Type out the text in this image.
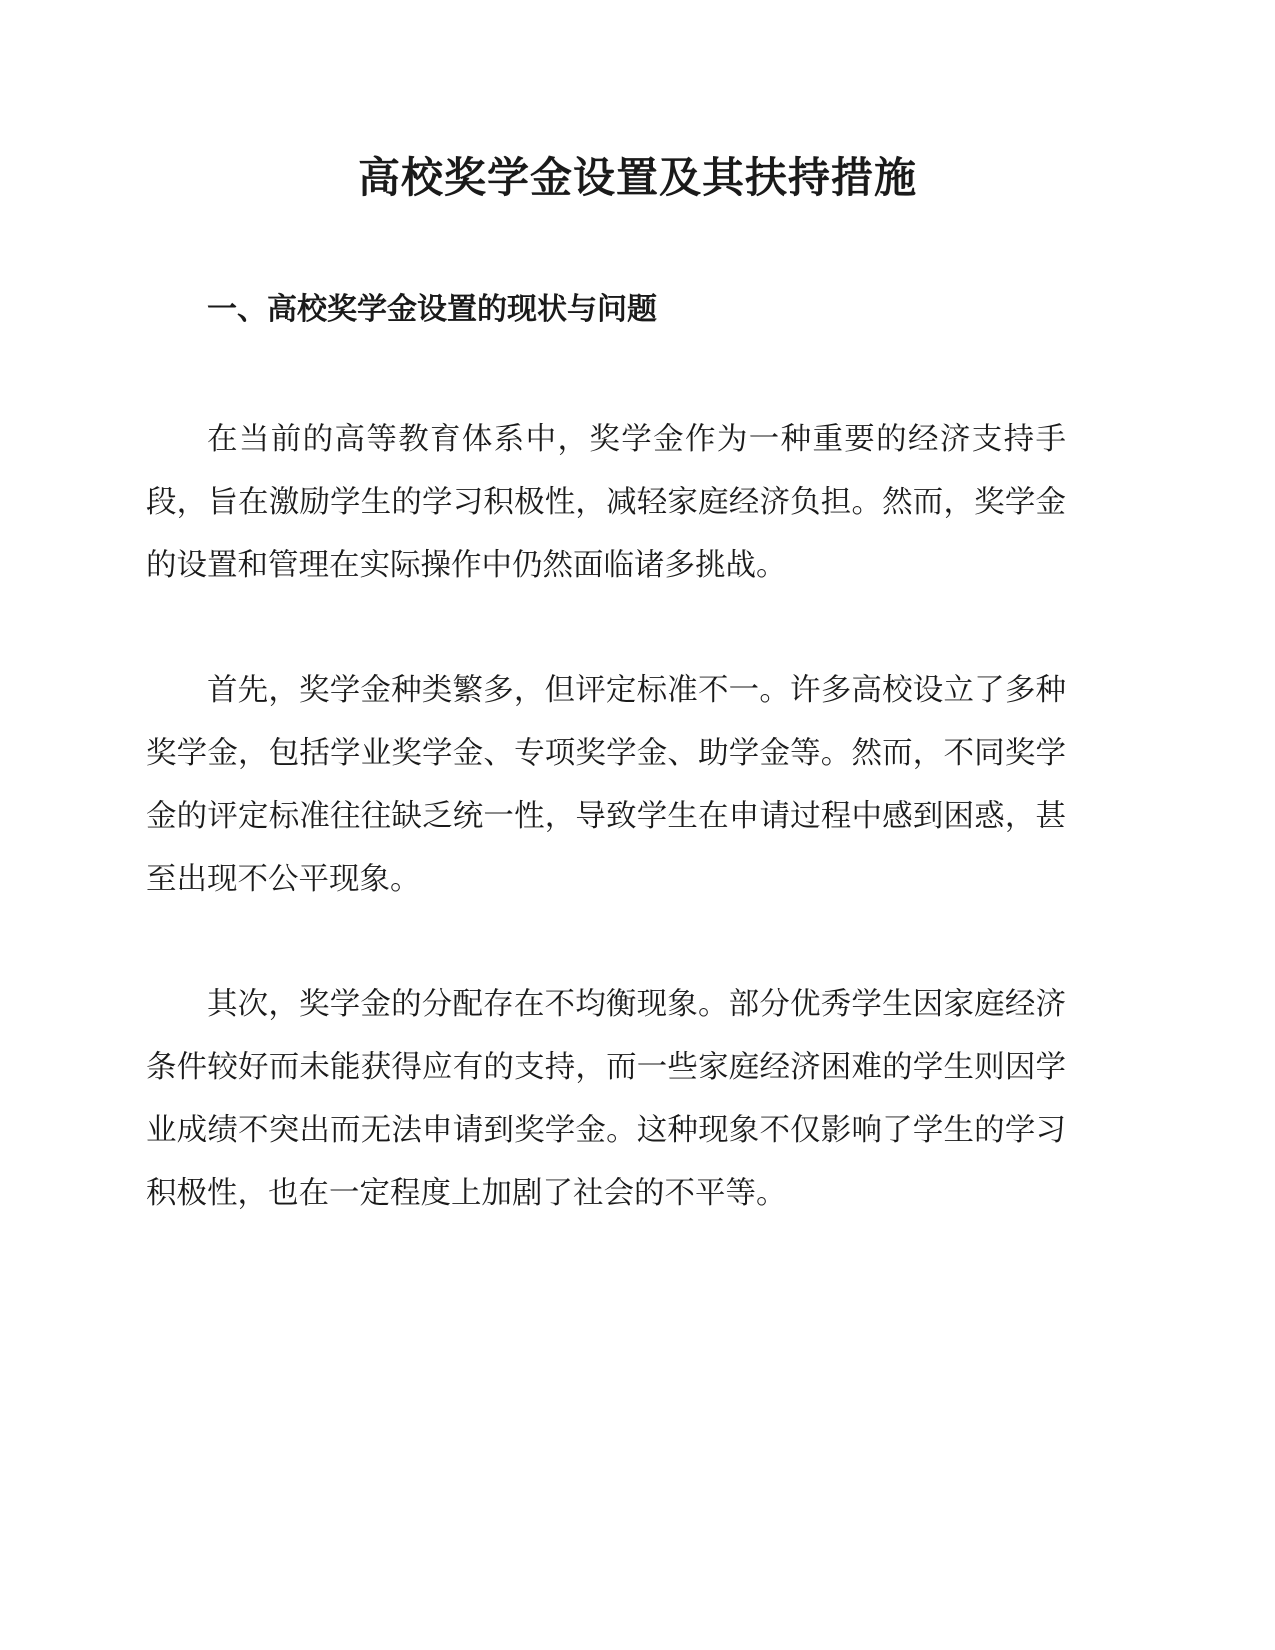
高校奖学金设置及其扶持措施
一、高校奖学金设置的现状与问题

在当前的高等教育体系中，奖学金作为一种重要的经济支持手段，旨在激励学生的学习积极性，减轻家庭经济负担。然而，奖学金的设置和管理在实际操作中仍然面临诸多挑战。

首先，奖学金种类繁多，但评定标准不一。许多高校设立了多种奖学金，包括学业奖学金、专项奖学金、助学金等。然而，不同奖学金的评定标准往往缺乏统一性，导致学生在申请过程中感到困惑，甚至出现不公平现象。

其次，奖学金的分配存在不均衡现象。部分优秀学生因家庭经济条件较好而未能获得应有的支持，而一些家庭经济困难的学生则因学业成绩不突出而无法申请到奖学金。这种现象不仅影响了学生的学习积极性，也在一定程度上加剧了社会的不平等。
